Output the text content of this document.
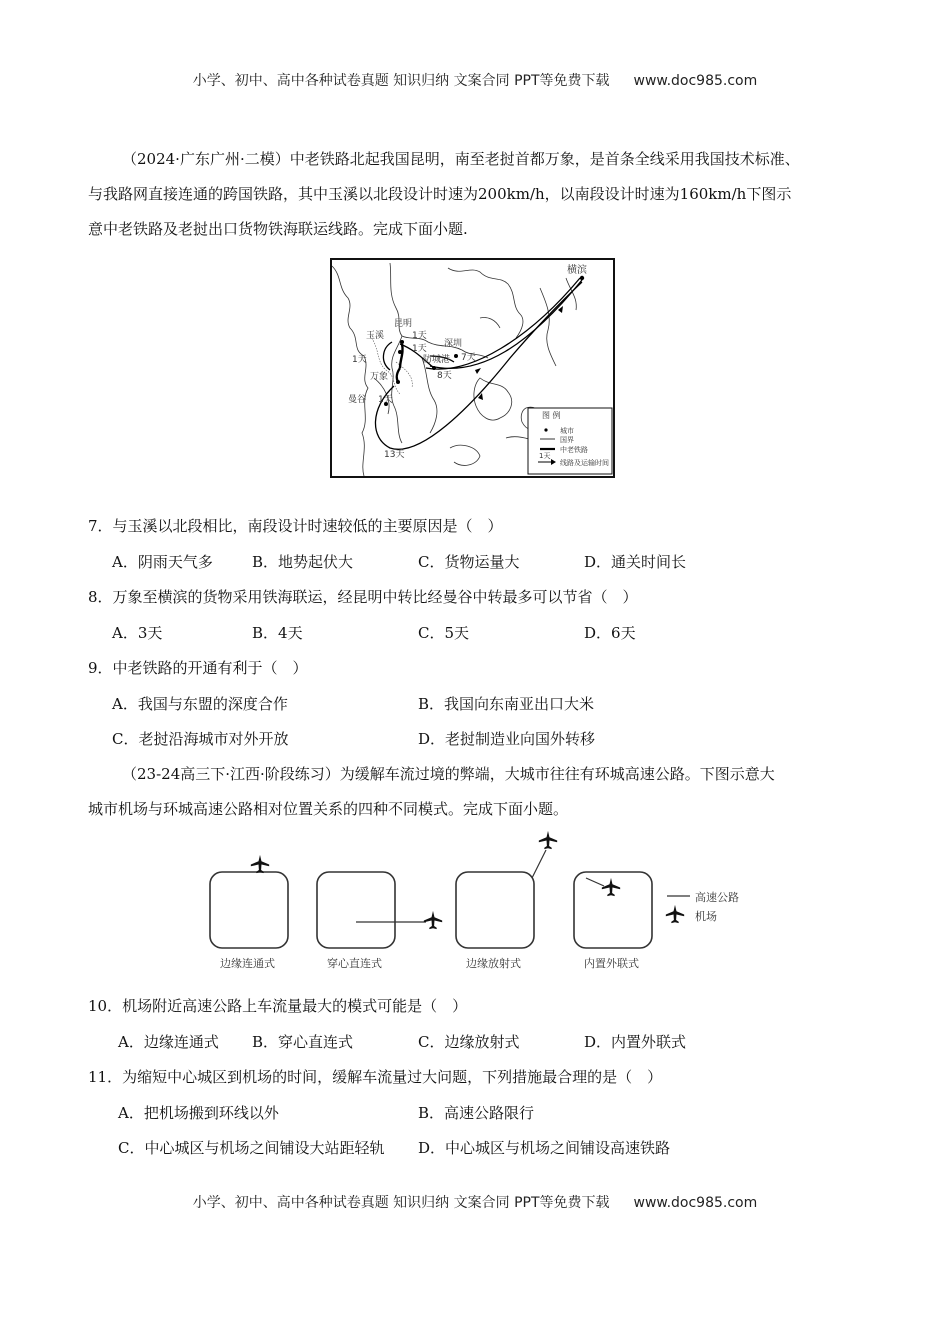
小学、初中、高中各种试卷真题 知识归纳 文案合同 PPT等免费下载 www.doc985.com
（2024·广东广州·二模）中老铁路北起我国昆明，南至老挝首都万象，是首条全线采用我国技术标准、
与我路网直接连通的跨国铁路，其中玉溪以北段设计时速为200km/h，以南段设计时速为160km/h下图示
意中老铁路及老挝出口货物铁海联运线路。完成下面小题.
横滨
昆明
玉溪	1天
深圳
1天
1天	防城港 7天
8天
万象
曼谷 1天
13天
图 例
城市
国界
中老铁路
1天
线路及运输时间
7．与玉溪以北段相比，南段设计时速较低的主要原因是（　）
A．阴雨天气多	B．地势起伏大	C．货物运量大	D．通关时间长
8．万象至横滨的货物采用铁海联运，经昆明中转比经曼谷中转最多可以节省（　）
A．3天	B．4天	C．5天	D．6天
9．中老铁路的开通有利于（　）
A．我国与东盟的深度合作	B．我国向东南亚出口大米
C．老挝沿海城市对外开放	D．老挝制造业向国外转移
（23-24高三下·江西·阶段练习）为缓解车流过境的弊端，大城市往往有环城高速公路。下图示意大
城市机场与环城高速公路相对位置关系的四种不同模式。完成下面小题。
边缘连通式	穿心直连式	边缘放射式	内置外联式
高速公路
机场
10．机场附近高速公路上车流量最大的模式可能是（　）
A．边缘连通式 B．穿心直连式	C．边缘放射式	D．内置外联式
11．为缩短中心城区到机场的时间，缓解车流量过大问题，下列措施最合理的是（　）
A．把机场搬到环线以外	B．高速公路限行
C．中心城区与机场之间铺设大站距轻轨 D．中心城区与机场之间铺设高速铁路
小学、初中、高中各种试卷真题 知识归纳 文案合同 PPT等免费下载 www.doc985.com
